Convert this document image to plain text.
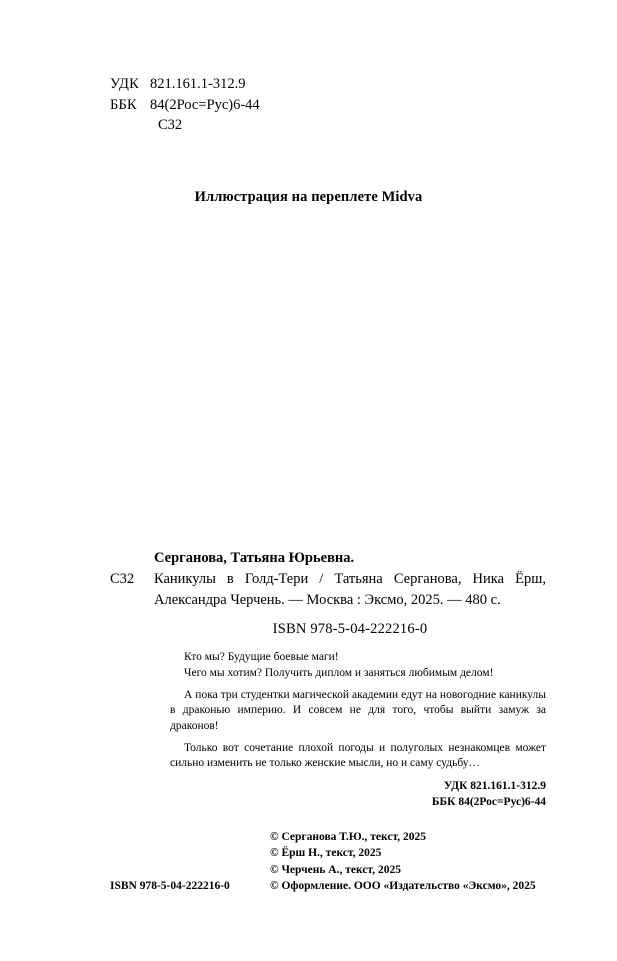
УДК 821.161.1-312.9
ББК 84(2Рос=Рус)6-44
С32
Иллюстрация на переплете Midva
Серганова, Татьяна Юрьевна.
С32 Каникулы в Голд-Тери / Татьяна Серганова, Ника Ёрш, Александра Черчень. — Москва : Эксмо, 2025. — 480 с.
ISBN 978-5-04-222216-0

Кто мы? Будущие боевые маги!

Чего мы хотим? Получить диплом и заняться любимым делом!

А пока три студентки магической академии едут на новогодние каникулы в драконью империю. И совсем не для того, чтобы выйти замуж за драконов!

Только вот сочетание плохой погоды и полуголых незнакомцев может сильно изменить не только женские мысли, но и саму судьбу…

УДК 821.161.1-312.9
ББК 84(2Рос=Рус)6-44
© Серганова Т.Ю., текст, 2025
© Ёрш Н., текст, 2025
© Черчень А., текст, 2025
ISBN 978-5-04-222216-0	© Оформление. ООО «Издательство «Эксмо», 2025
